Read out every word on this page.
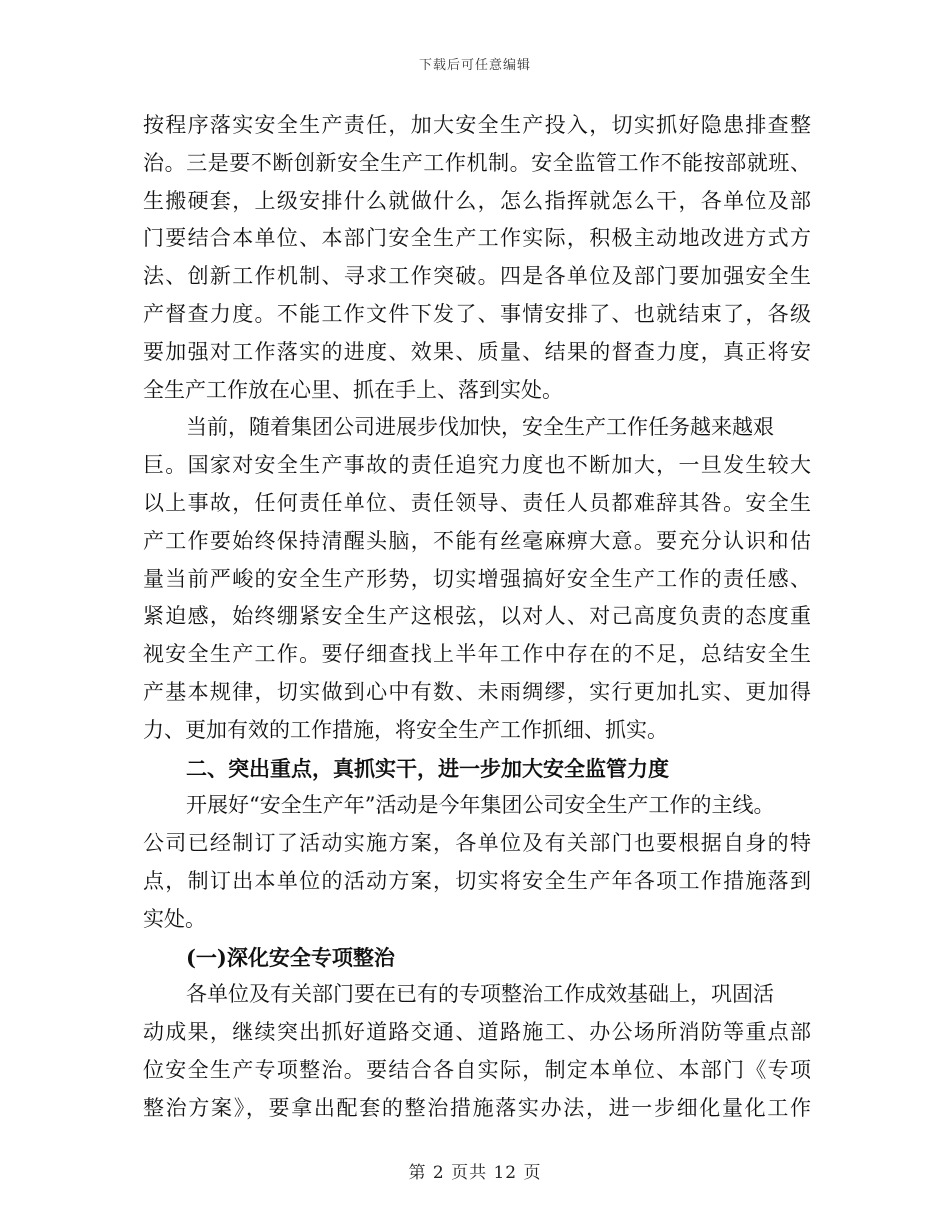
下载后可任意编辑
按程序落实安全生产责任，加大安全生产投入，切实抓好隐患排查整
治。三是要不断创新安全生产工作机制。安全监管工作不能按部就班、
生搬硬套，上级安排什么就做什么，怎么指挥就怎么干，各单位及部
门要结合本单位、本部门安全生产工作实际，积极主动地改进方式方
法、创新工作机制、寻求工作突破。四是各单位及部门要加强安全生
产督查力度。不能工作文件下发了、事情安排了、也就结束了，各级
要加强对工作落实的进度、效果、质量、结果的督查力度，真正将安
全生产工作放在心里、抓在手上、落到实处。
当前，随着集团公司进展步伐加快，安全生产工作任务越来越艰
巨。国家对安全生产事故的责任追究力度也不断加大，一旦发生较大
以上事故，任何责任单位、责任领导、责任人员都难辞其咎。安全生
产工作要始终保持清醒头脑，不能有丝毫麻痹大意。要充分认识和估
量当前严峻的安全生产形势，切实增强搞好安全生产工作的责任感、
紧迫感，始终绷紧安全生产这根弦，以对人、对己高度负责的态度重
视安全生产工作。要仔细查找上半年工作中存在的不足，总结安全生
产基本规律，切实做到心中有数、未雨绸缪，实行更加扎实、更加得
力、更加有效的工作措施，将安全生产工作抓细、抓实。
二、突出重点，真抓实干，进一步加大安全监管力度
开展好“安全生产年”活动是今年集团公司安全生产工作的主线。
公司已经制订了活动实施方案，各单位及有关部门也要根据自身的特
点，制订出本单位的活动方案，切实将安全生产年各项工作措施落到
实处。
(一)深化安全专项整治
各单位及有关部门要在已有的专项整治工作成效基础上，巩固活
动成果，继续突出抓好道路交通、道路施工、办公场所消防等重点部
位安全生产专项整治。要结合各自实际，制定本单位、本部门《专项
整治方案》，要拿出配套的整治措施落实办法，进一步细化量化工作
第 2 页共 12 页
